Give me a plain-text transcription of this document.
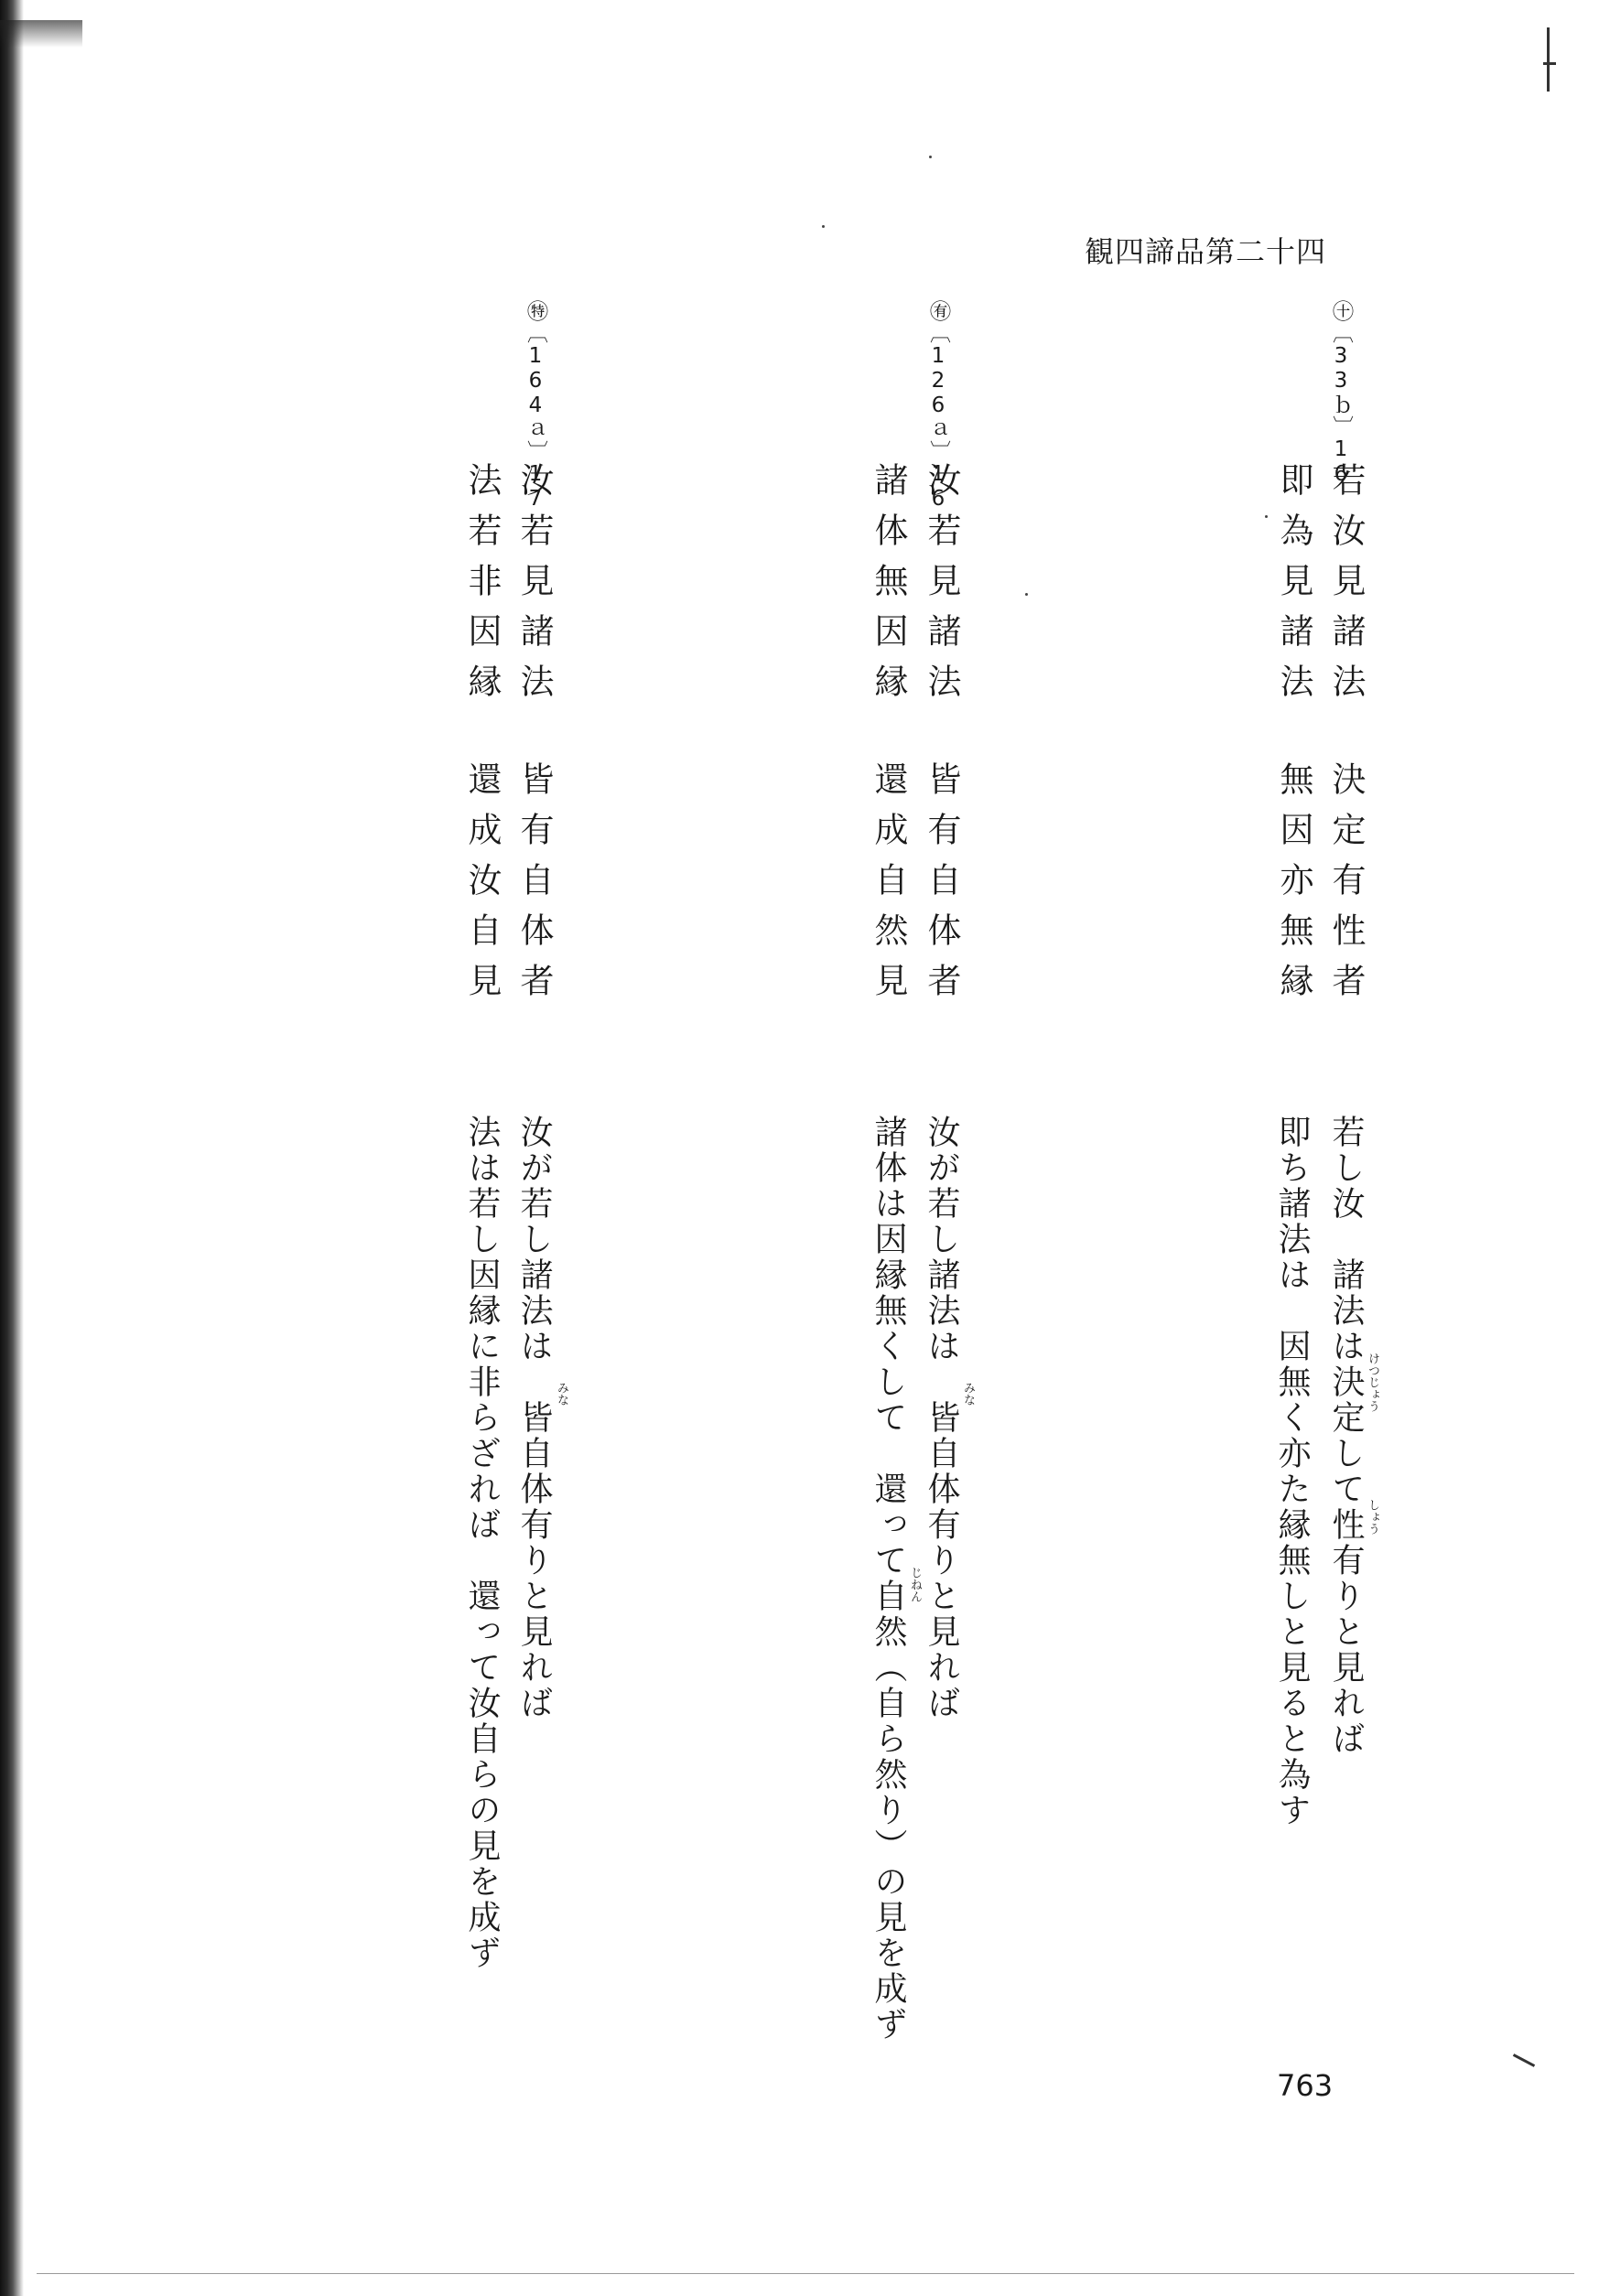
観四諦品第二十四
㊉〔33ｂ〕16
若汝見諸法決定有性者
即為見諸法無因亦無縁
若し汝　諸法は決定して性有りと見れば
即ち諸法は　因無く亦た縁無しと見ると為す	けつじょう
しょう
㊒〔126ａ〕16
汝若見諸法皆有自体者
諸体無因縁還成自然見
汝が若し諸法は　皆自体有りと見れば
諸体は因縁無くして　還って自然（自ら然り）の見を成ず	みな
じねん
㊕〔164ａ〕17
汝若見諸法皆有自体者
法若非因縁還成汝自見
汝が若し諸法は　皆自体有りと見れば
法は若し因縁に非らざれば　還って汝自らの見を成ず	みな
763
